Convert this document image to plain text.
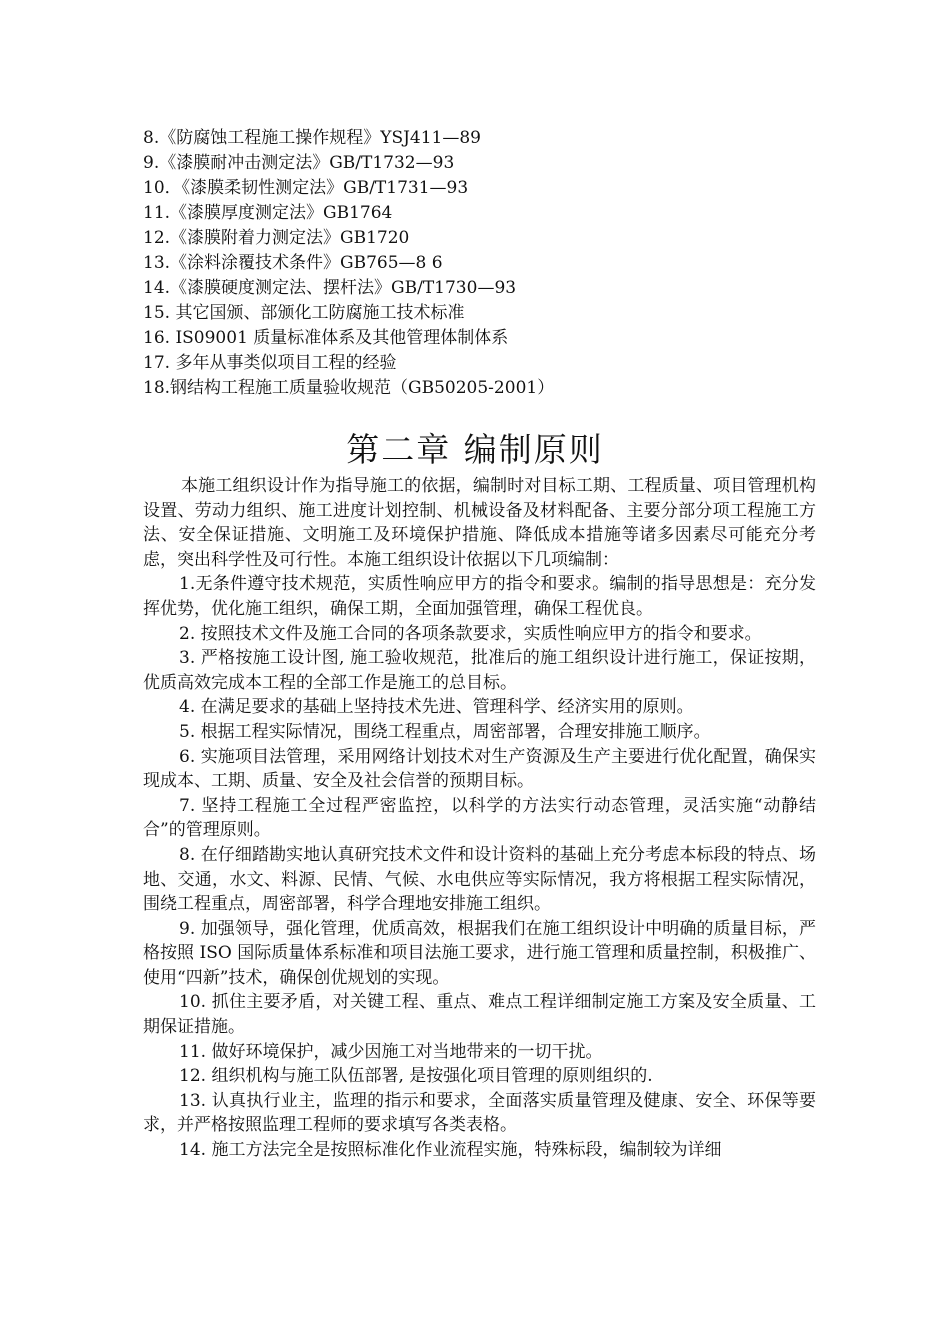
8.《防腐蚀工程施工操作规程》YSJ411—89
9.《漆膜耐冲击测定法》GB/T1732—93
10．《漆膜柔韧性测定法》GB/T1731—93
11.《漆膜厚度测定法》GB1764
12.《漆膜附着力测定法》GB1720
13.《涂料涂覆技术条件》GB765—8 6
14.《漆膜硬度测定法、摆杆法》GB/T1730—93
15. 其它国颁、部颁化工防腐施工技术标准
16. IS09001 质量标准体系及其他管理体制体系
17. 多年从事类似项目工程的经验
18.钢结构工程施工质量验收规范（GB50205-2001）
第二章 编制原则

本施工组织设计作为指导施工的依据，编制时对目标工期、工程质量、项目管理机构设置、劳动力组织、施工进度计划控制、机械设备及材料配备、主要分部分项工程施工方法、安全保证措施、文明施工及环境保护措施、降低成本措施等诸多因素尽可能充分考虑，突出科学性及可行性。本施工组织设计依据以下几项编制：

1.无条件遵守技术规范，实质性响应甲方的指令和要求。编制的指导思想是：充分发挥优势，优化施工组织，确保工期，全面加强管理，确保工程优良。

2. 按照技术文件及施工合同的各项条款要求，实质性响应甲方的指令和要求。

3. 严格按施工设计图, 施工验收规范，批准后的施工组织设计进行施工，保证按期，优质高效完成本工程的全部工作是施工的总目标。

4. 在满足要求的基础上坚持技术先进、管理科学、经济实用的原则。

5. 根据工程实际情况，围绕工程重点，周密部署，合理安排施工顺序。

6. 实施项目法管理，采用网络计划技术对生产资源及生产主要进行优化配置，确保实现成本、工期、质量、安全及社会信誉的预期目标。

7. 坚持工程施工全过程严密监控，以科学的方法实行动态管理，灵活实施“动静结合”的管理原则。

8. 在仔细踏勘实地认真研究技术文件和设计资料的基础上充分考虑本标段的特点、场地、交通，水文、料源、民情、气候、水电供应等实际情况，我方将根据工程实际情况，围绕工程重点，周密部署，科学合理地安排施工组织。

9. 加强领导，强化管理，优质高效，根据我们在施工组织设计中明确的质量目标，严格按照 ISO 国际质量体系标准和项目法施工要求，进行施工管理和质量控制，积极推广、使用“四新”技术，确保创优规划的实现。

10. 抓住主要矛盾，对关键工程、重点、难点工程详细制定施工方案及安全质量、工期保证措施。

11. 做好环境保护，减少因施工对当地带来的一切干扰。

12. 组织机构与施工队伍部署, 是按强化项目管理的原则组织的.

13. 认真执行业主，监理的指示和要求，全面落实质量管理及健康、安全、环保等要求，并严格按照监理工程师的要求填写各类表格。

14. 施工方法完全是按照标准化作业流程实施，特殊标段，编制较为详细
